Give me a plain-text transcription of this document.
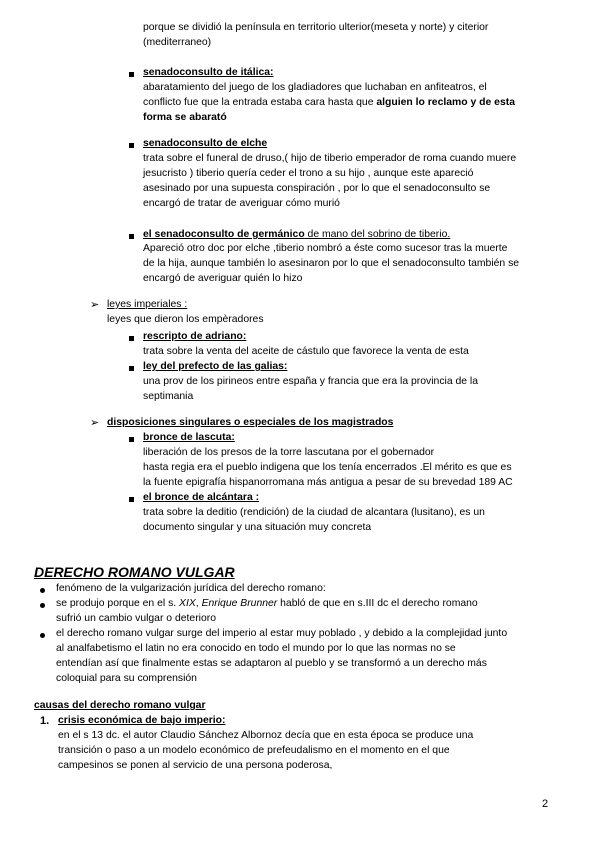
porque se dividió la península en territorio ulterior(meseta y norte) y citerior
(mediterraneo)
senadoconsulto de itálica:
abaratamiento del juego de los gladiadores que luchaban en anfiteatros, el
conflicto fue que la entrada estaba cara hasta que alguien lo reclamo y de esta
forma se abarató
senadoconsulto de elche
trata sobre el funeral de druso,( hijo de tiberio emperador de roma cuando muere
jesucristo ) tiberio quería ceder el trono a su hijo , aunque este apareció
asesinado por una supuesta conspiración , por lo que el senadoconsulto se
encargó de tratar de averiguar cómo murió
el senadoconsulto de germánico de mano del sobrino de tiberio.
Apareció otro doc por elche ,tiberio nombró a éste como sucesor tras la muerte
de la hija, aunque también lo asesinaron por lo que el senadoconsulto también se
encargó de averiguar quién lo hizo
➢ leyes imperiales :
leyes que dieron los empèradores
rescripto de adriano:
trata sobre la venta del aceite de cástulo que favorece la venta de esta
ley del prefecto de las galias:
una prov de los pirineos entre españa y francia que era la provincia de la
septimania
➢ disposiciones singulares o especiales de los magistrados
bronce de lascuta:
liberación de los presos de la torre lascutana por el gobernador
hasta regia era el pueblo indigena que los tenía encerrados .El mérito es que es
la fuente epigrafía hispanorromana más antigua a pesar de su brevedad 189 AC
el bronce de alcántara :
trata sobre la deditio (rendición) de la ciudad de alcantara (lusitano), es un
documento singular y una situación muy concreta
DERECHO ROMANO VULGAR
fenómeno de la vulgarización jurídica del derecho romano:
se produjo porque en el s. XIX, Enrique Brunner habló de que en s.III dc el derecho romano
sufrió un cambio vulgar o deterioro
el derecho romano vulgar surge del imperio al estar muy poblado , y debido a la complejidad junto
al analfabetismo el latin no era conocido en todo el mundo por lo que las normas no se
entendían así que finalmente estas se adaptaron al pueblo y se transformó a un derecho más
coloquial para su comprensión
causas del derecho romano vulgar
1. crisis económica de bajo imperio:
en el s 13 dc. el autor Claudio Sánchez Albornoz decía que en esta época se produce una
transición o paso a un modelo económico de prefeudalismo en el momento en el que
campesinos se ponen al servicio de una persona poderosa,
2
